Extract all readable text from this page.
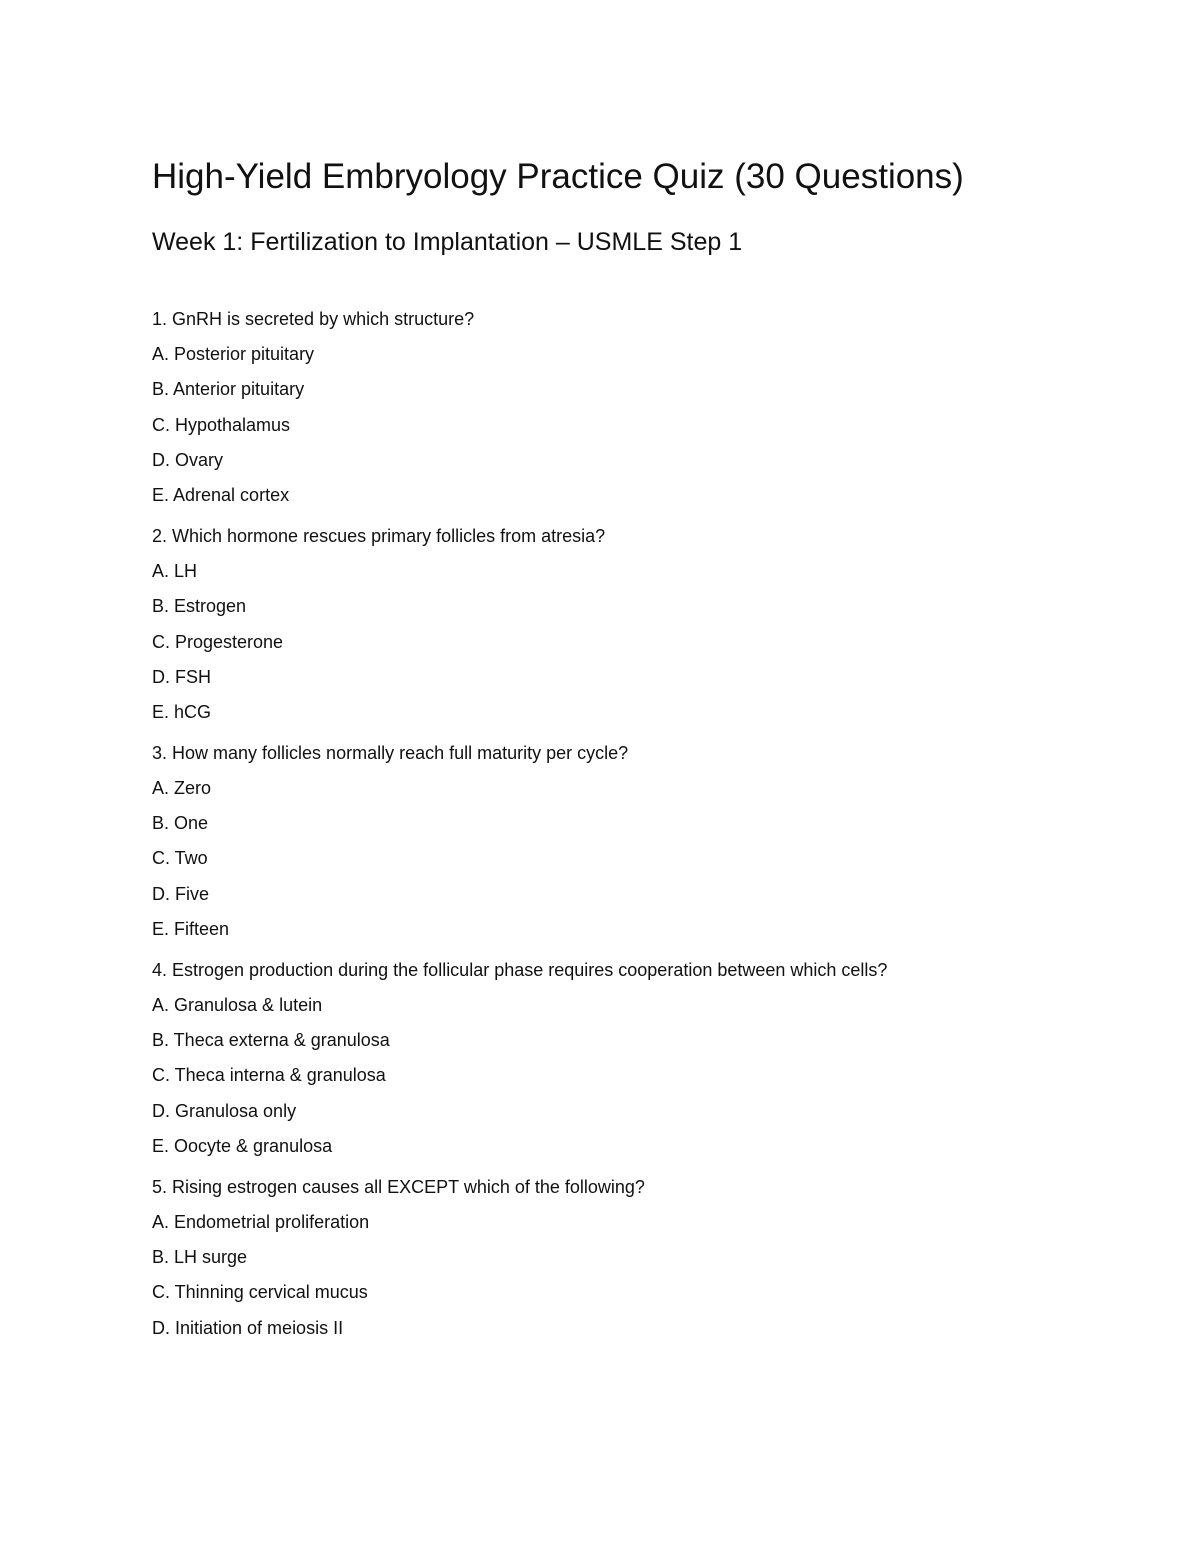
High-Yield Embryology Practice Quiz (30 Questions)
Week 1: Fertilization to Implantation – USMLE Step 1
1. GnRH is secreted by which structure?
A. Posterior pituitary
B. Anterior pituitary
C. Hypothalamus
D. Ovary
E. Adrenal cortex
2. Which hormone rescues primary follicles from atresia?
A. LH
B. Estrogen
C. Progesterone
D. FSH
E. hCG
3. How many follicles normally reach full maturity per cycle?
A. Zero
B. One
C. Two
D. Five
E. Fifteen
4. Estrogen production during the follicular phase requires cooperation between which cells?
A. Granulosa & lutein
B. Theca externa & granulosa
C. Theca interna & granulosa
D. Granulosa only
E. Oocyte & granulosa
5. Rising estrogen causes all EXCEPT which of the following?
A. Endometrial proliferation
B. LH surge
C. Thinning cervical mucus
D. Initiation of meiosis II
